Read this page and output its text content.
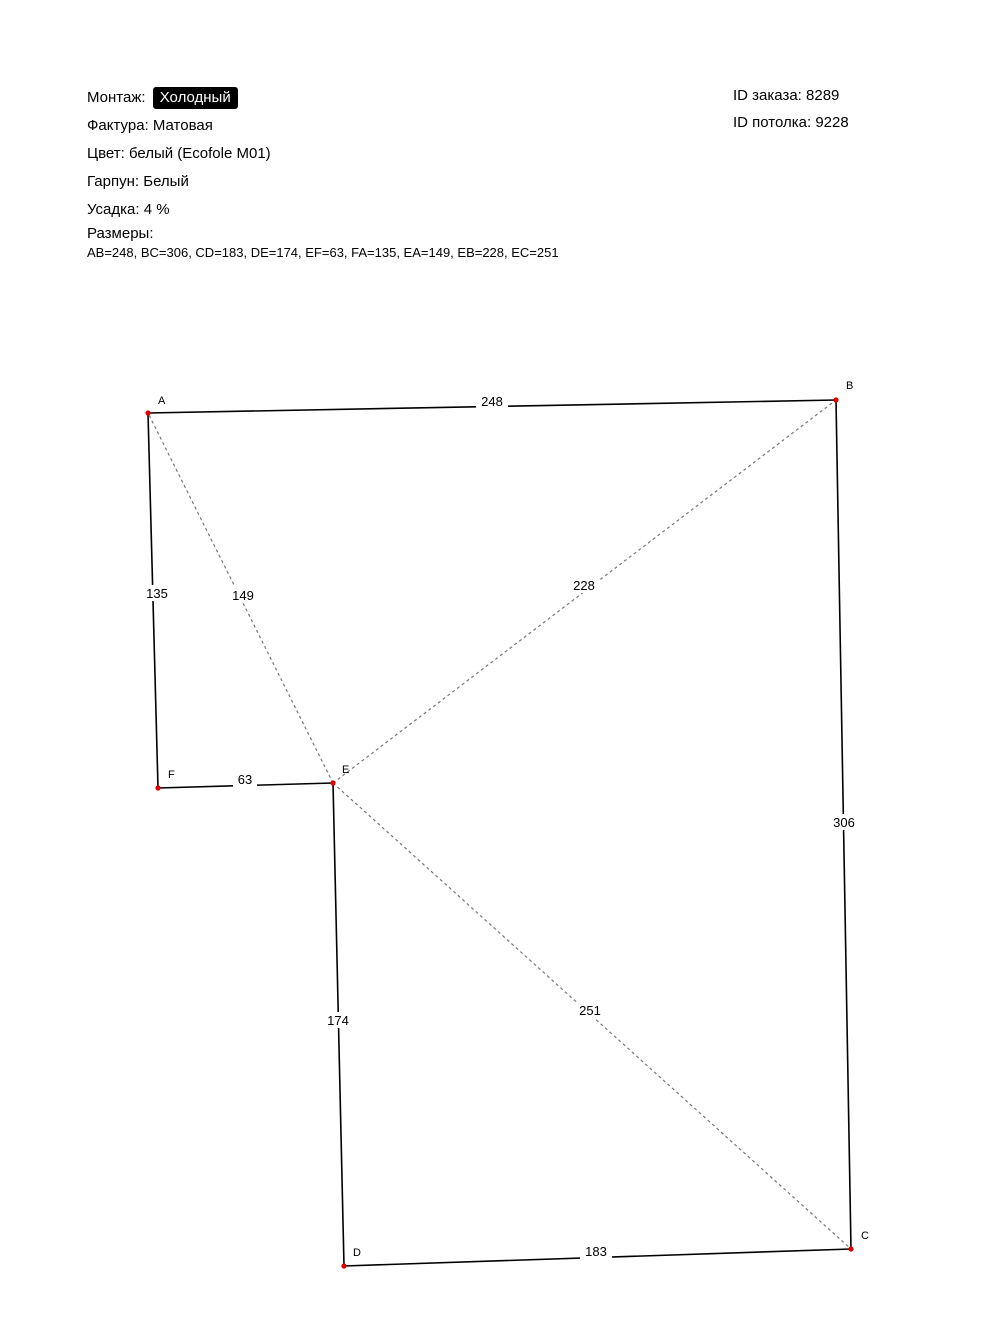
Монтаж: Холодный
Фактура: Матовая
Цвет: белый (Ecofole M01)
Гарпун: Белый
Усадка: 4 %
Размеры:
AB=248, BC=306, CD=183, DE=174, EF=63, FA=135, EA=149, EB=228, EC=251
ID заказа: 8289
ID потолка: 9228
149
228
251
248
306
183
174
63
135
A
B
C
D
E
F
